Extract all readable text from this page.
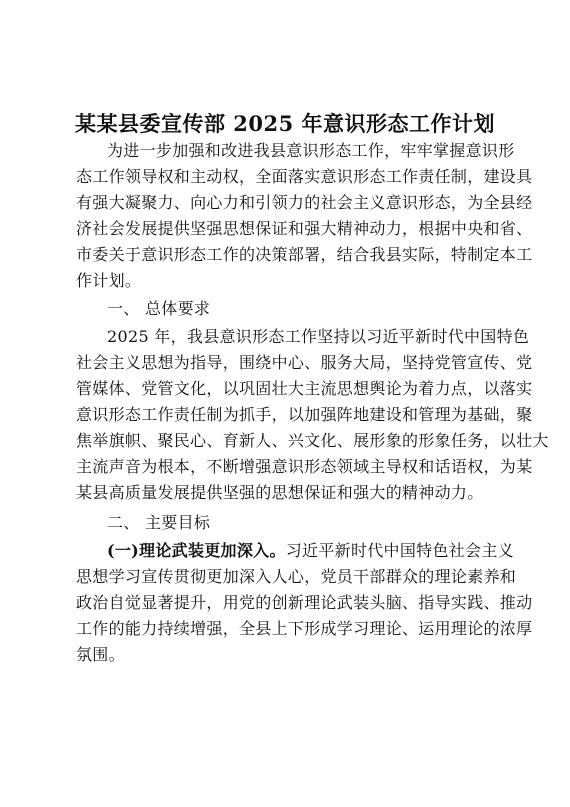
某某县委宣传部 2025 年意识形态工作计划
为进一步加强和改进我县意识形态工作，牢牢掌握意识形
态工作领导权和主动权，全面落实意识形态工作责任制，建设具
有强大凝聚力、向心力和引领力的社会主义意识形态，为全县经
济社会发展提供坚强思想保证和强大精神动力，根据中央和省、
市委关于意识形态工作的决策部署，结合我县实际，特制定本工
作计划。
一、 总体要求
2025 年，我县意识形态工作坚持以习近平新时代中国特色
社会主义思想为指导，围绕中心、服务大局，坚持党管宣传、党
管媒体、党管文化，以巩固壮大主流思想舆论为着力点，以落实
意识形态工作责任制为抓手，以加强阵地建设和管理为基础，聚
焦举旗帜、聚民心、育新人、兴文化、展形象的形象任务，以壮大
主流声音为根本，不断增强意识形态领域主导权和话语权，为某
某县高质量发展提供坚强的思想保证和强大的精神动力。
二、 主要目标
(一)理论武装更加深入。习近平新时代中国特色社会主义
思想学习宣传贯彻更加深入人心，党员干部群众的理论素养和
政治自觉显著提升，用党的创新理论武装头脑、指导实践、推动
工作的能力持续增强，全县上下形成学习理论、运用理论的浓厚
氛围。
